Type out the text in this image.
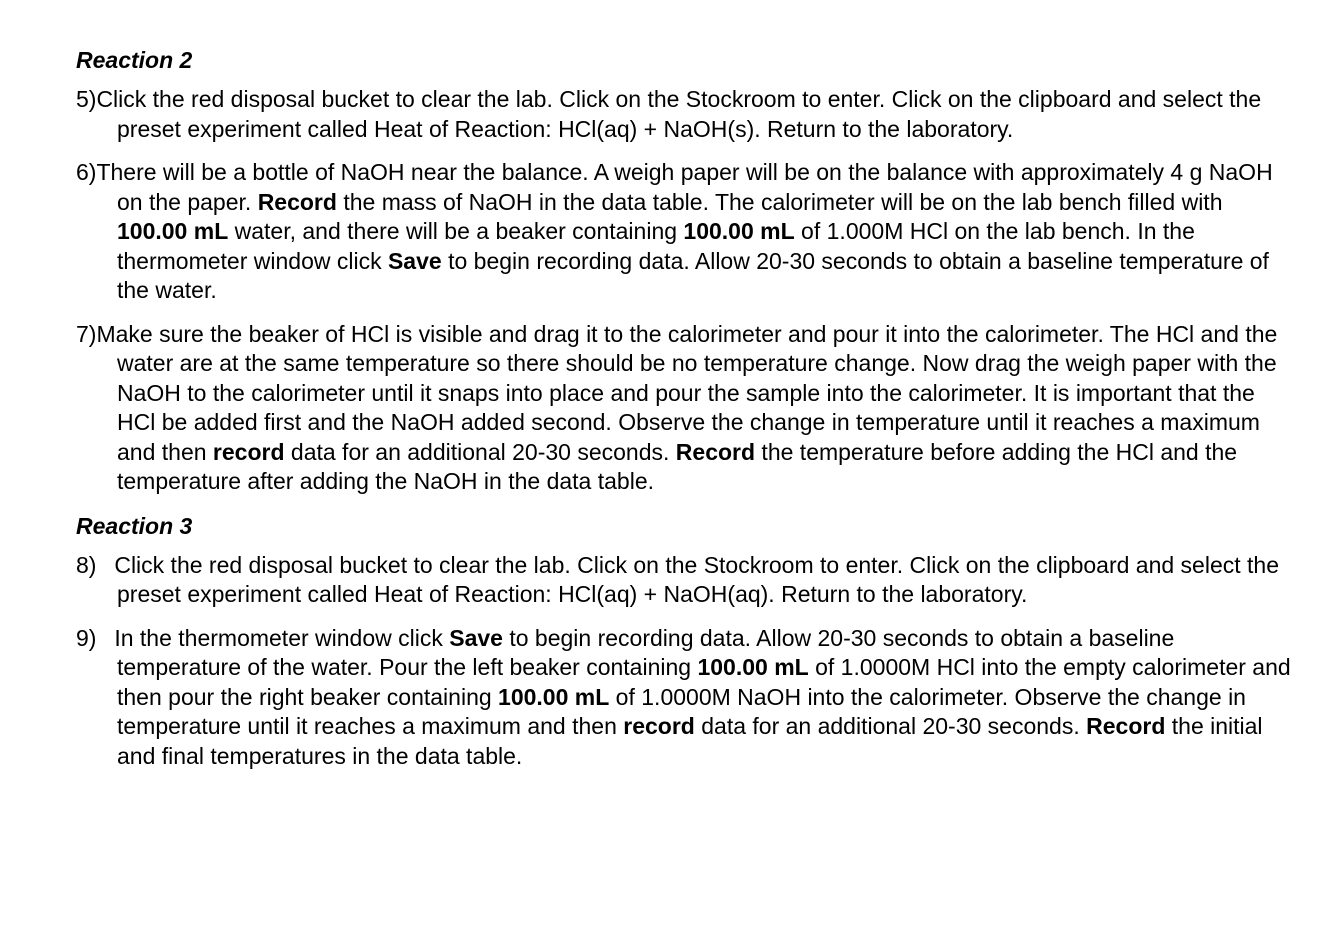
Reaction 2
5)Click the red disposal bucket to clear the lab. Click on the Stockroom to enter. Click on the clipboard and select the preset experiment called Heat of Reaction: HCl(aq) + NaOH(s). Return to the laboratory.
6)There will be a bottle of NaOH near the balance. A weigh paper will be on the balance with approximately 4 g NaOH on the paper. Record the mass of NaOH in the data table. The calorimeter will be on the lab bench filled with 100.00 mL water, and there will be a beaker containing 100.00 mL of 1.000M HCl on the lab bench. In the thermometer window click Save to begin recording data. Allow 20-30 seconds to obtain a baseline temperature of the water.
7)Make sure the beaker of HCl is visible and drag it to the calorimeter and pour it into the calorimeter. The HCl and the water are at the same temperature so there should be no temperature change. Now drag the weigh paper with the NaOH to the calorimeter until it snaps into place and pour the sample into the calorimeter. It is important that the HCl be added first and the NaOH added second. Observe the change in temperature until it reaches a maximum and then record data for an additional 20-30 seconds. Record the temperature before adding the HCl and the temperature after adding the NaOH in the data table.
Reaction 3
8)  Click the red disposal bucket to clear the lab. Click on the Stockroom to enter. Click on the clipboard and select the preset experiment called Heat of Reaction: HCl(aq) + NaOH(aq). Return to the laboratory.
9)  In the thermometer window click Save to begin recording data. Allow 20-30 seconds to obtain a baseline temperature of the water. Pour the left beaker containing 100.00 mL of 1.0000M HCl into the empty calorimeter and then pour the right beaker containing 100.00 mL of 1.0000M NaOH into the calorimeter. Observe the change in temperature until it reaches a maximum and then record data for an additional 20-30 seconds. Record the initial and final temperatures in the data table.
